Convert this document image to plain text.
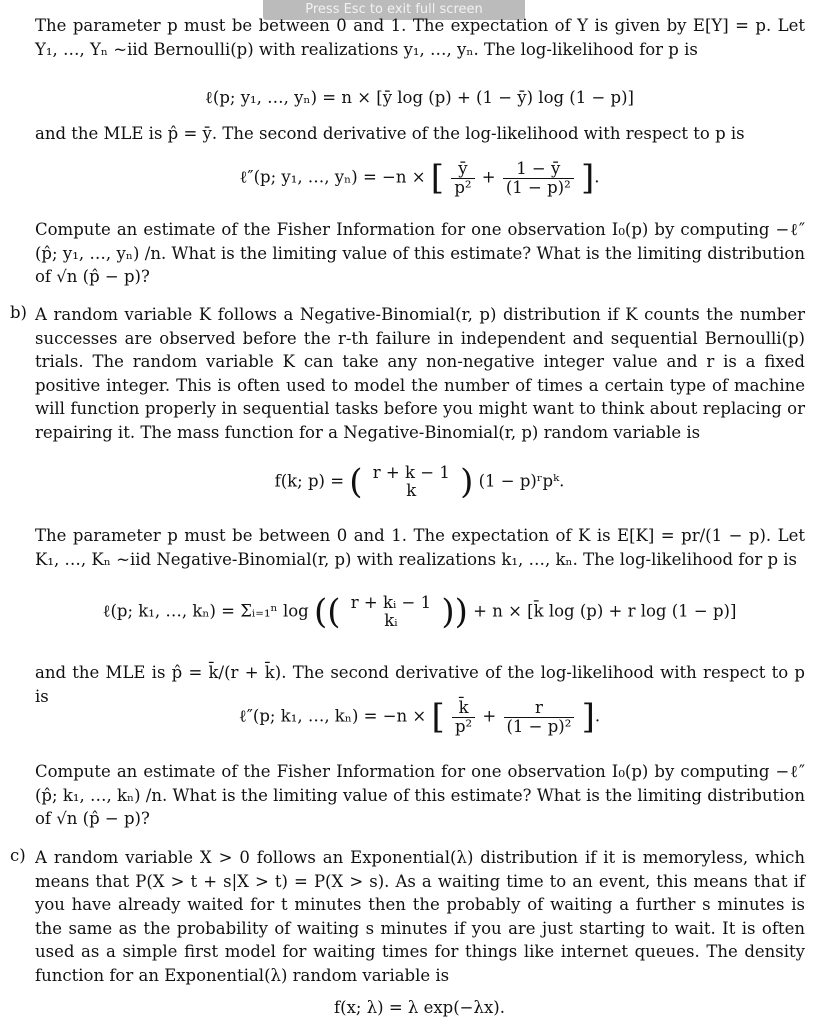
Press Esc to exit full screen

The parameter p must be between 0 and 1. The expectation of Y is given by E[Y] = p. Let Y₁, …, Yₙ ~iid Bernoulli(p) with realizations y₁, …, yₙ. The log-likelihood for p is

ℓ(p; y₁, …, yₙ) = n × [ȳ log (p) + (1 − ȳ) log (1 − p)]

and the MLE is p̂ = ȳ. The second derivative of the log-likelihood with respect to p is

ℓ″(p; y₁, …, yₙ) = −n × [ $\frac{ȳ}{\text{p²}} + \frac{1 - ȳ}{\text{(1 − p)²}}$ ].

Compute an estimate of the Fisher Information for one observation I₀(p) by computing −ℓ″ (p̂; y₁, …, yₙ) /n. What is the limiting value of this estimate? What is the limiting distribution of √n (p̂ − p)?

b) A random variable K follows a Negative-Binomial(r, p) distribution if K counts the number successes are observed before the r-th failure in independent and sequential Bernoulli(p) trials. The random variable K can take any non-negative integer value and r is a fixed positive integer. This is often used to model the number of times a certain type of machine will function properly in sequential tasks before you might want to think about replacing or repairing it. The mass function for a Negative-Binomial(r, p) random variable is

f(k; p) = ( r + k − 1
k	) (1 − p)ʳpᵏ.

The parameter p must be between 0 and 1. The expectation of K is E[K] = pr/(1 − p). Let K₁, …, Kₙ ~iid Negative-Binomial(r, p) with realizations k₁, …, kₙ. The log-likelihood for p is

ℓ(p; k₁, …, kₙ) = Σᵢ₌₁ⁿ log (( r + kᵢ − 1
kᵢ	)) + n × [k̄ log (p) + r log (1 − p)]

and the MLE is p̂ = k̄/(r + k̄). The second derivative of the log-likelihood with respect to p is

ℓ″(p; k₁, …, kₙ) = −n × [ $\frac{k̄}{\text{p²}} + \frac{r}{\text{(1 − p)²}}$ ].

Compute an estimate of the Fisher Information for one observation I₀(p) by computing −ℓ″ (p̂; k₁, …, kₙ) /n. What is the limiting value of this estimate? What is the limiting distribution of √n (p̂ − p)?

c) A random variable X > 0 follows an Exponential(λ) distribution if it is memoryless, which means that P(X > t + s|X > t) = P(X > s). As a waiting time to an event, this means that if you have already waited for t minutes then the probably of waiting a further s minutes is the same as the probability of waiting s minutes if you are just starting to wait. It is often used as a simple first model for waiting times for things like internet queues. The density function for an Exponential(λ) random variable is

f(x; λ) = λ exp(−λx).
